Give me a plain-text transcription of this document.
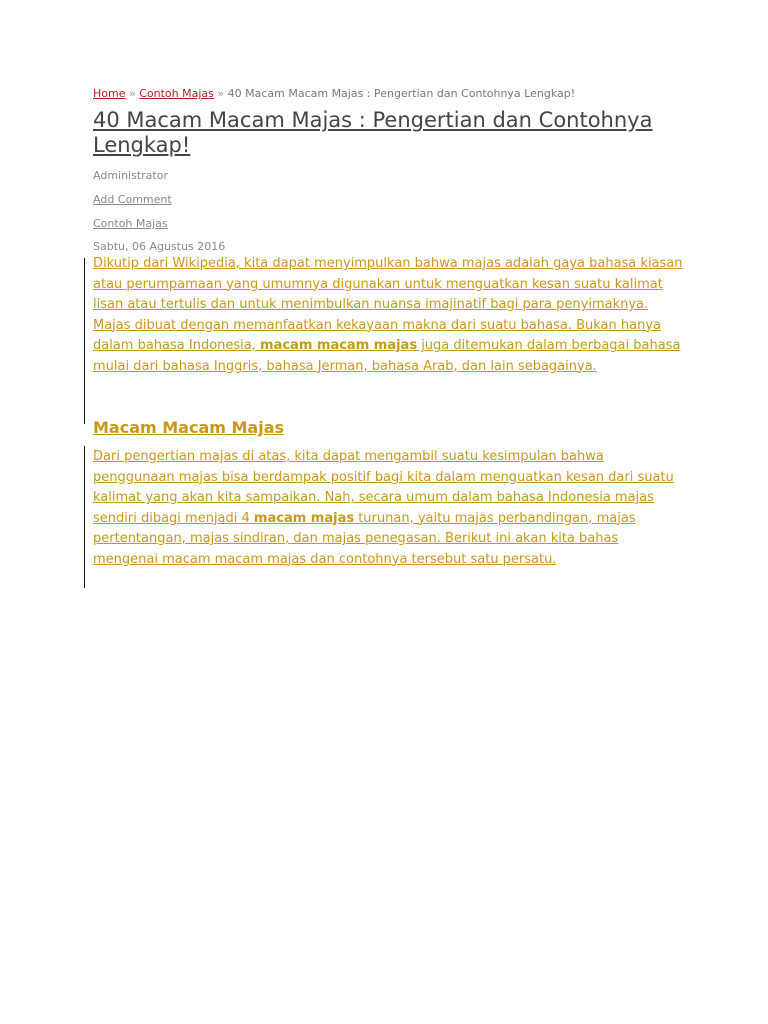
Home » Contoh Majas » 40 Macam Macam Majas : Pengertian dan Contohnya Lengkap!
40 Macam Macam Majas : Pengertian dan Contohnya Lengkap!
Administrator
Add Comment
Contoh Majas
Sabtu, 06 Agustus 2016

Dikutip dari Wikipedia, kita dapat menyimpulkan bahwa majas adalah gaya bahasa kiasan atau perumpamaan yang umumnya digunakan untuk menguatkan kesan suatu kalimat lisan atau tertulis dan untuk menimbulkan nuansa imajinatif bagi para penyimaknya. Majas dibuat dengan memanfaatkan kekayaan makna dari suatu bahasa. Bukan hanya dalam bahasa Indonesia, macam macam majas juga ditemukan dalam berbagai bahasa mulai dari bahasa Inggris, bahasa Jerman, bahasa Arab, dan lain sebagainya.

Macam Macam Majas

Dari pengertian majas di atas, kita dapat mengambil suatu kesimpulan bahwa penggunaan majas bisa berdampak positif bagi kita dalam menguatkan kesan dari suatu kalimat yang akan kita sampaikan. Nah, secara umum dalam bahasa Indonesia majas sendiri dibagi menjadi 4 macam majas turunan, yaitu majas perbandingan, majas pertentangan, majas sindiran, dan majas penegasan. Berikut ini akan kita bahas mengenai macam macam majas dan contohnya tersebut satu persatu.
